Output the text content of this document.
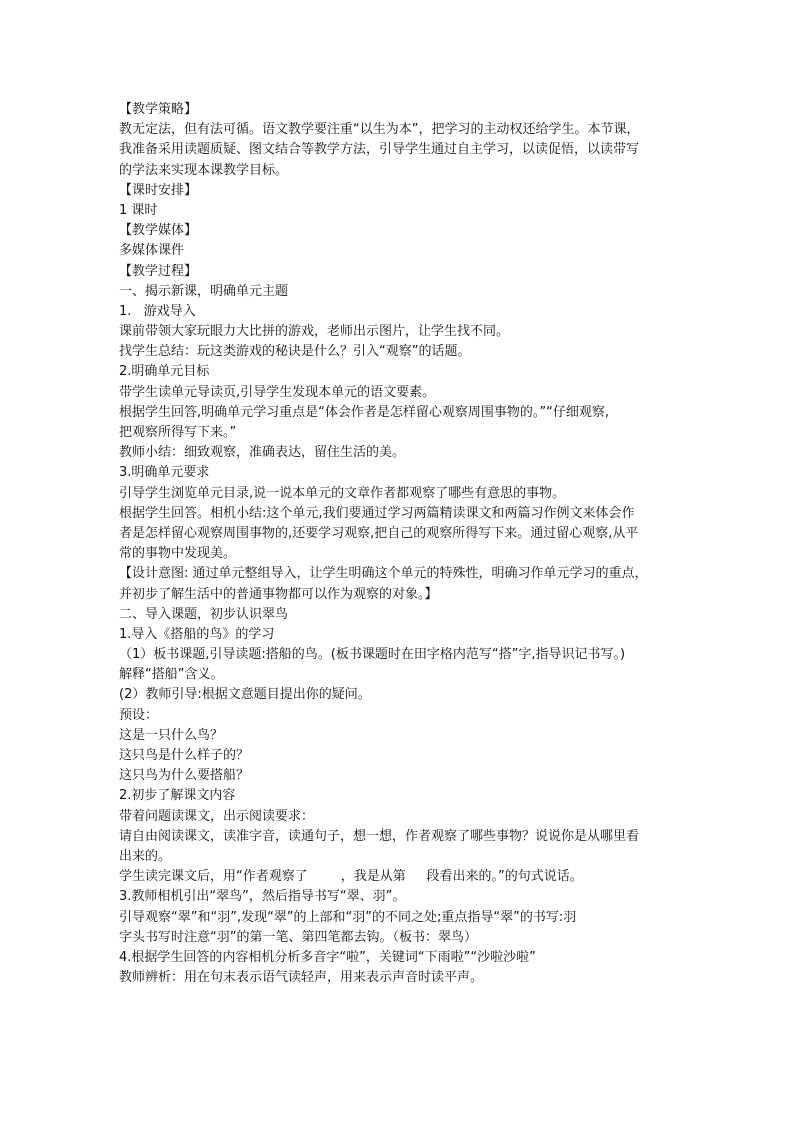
【教学策略】
教无定法，但有法可循。语文教学要注重“以生为本”，把学习的主动权还给学生。本节课，
我准备采用读题质疑、图文结合等教学方法，引导学生通过自主学习，以读促悟，以读带写
的学法来实现本课教学目标。
【课时安排】
1 课时
【教学媒体】
多媒体课件
【教学过程】
一、揭示新课，明确单元主题
1.   游戏导入
课前带领大家玩眼力大比拼的游戏，老师出示图片，让学生找不同。
找学生总结：玩这类游戏的秘诀是什么？引入“观察”的话题。
2.明确单元目标
带学生读单元导读页,引导学生发现本单元的语文要素。
根据学生回答,明确单元学习重点是“体会作者是怎样留心观察周围事物的。”“仔细观察,
把观察所得写下来。”
教师小结：细致观察，准确表达，留住生活的美。
3.明确单元要求
引导学生浏览单元目录,说一说本单元的文章作者都观察了哪些有意思的事物。
根据学生回答。相机小结:这个单元,我们要通过学习两篇精读课文和两篇习作例文来体会作
者是怎样留心观察周围事物的,还要学习观察,把自己的观察所得写下来。通过留心观察,从平
常的事物中发现美。
【设计意图: 通过单元整组导入，让学生明确这个单元的特殊性，明确习作单元学习的重点，
并初步了解生活中的普通事物都可以作为观察的对象。】
二、导入课题，初步认识翠鸟
1.导入《搭船的鸟》的学习
（1）板书课题,引导读题:搭船的鸟。(板书课题时在田字格内范写“搭”字,指导识记书写。)
解释“搭船”含义。
(2）教师引导:根据文意题目提出你的疑问。
预设：
这是一只什么鸟？
这只鸟是什么样子的？
这只鸟为什么要搭船？
2.初步了解课文内容
带着问题读课文，出示阅读要求：
请自由阅读课文，读准字音，读通句子，想一想，作者观察了哪些事物？说说你是从哪里看
出来的。
学生读完课文后，用“作者观察了        ，我是从第     段看出来的。”的句式说话。
3.教师相机引出“翠鸟”，然后指导书写“翠、羽”。
引导观察“翠”和“羽”,发现“翠”的上部和“羽”的不同之处;重点指导“翠”的书写:羽
字头书写时注意“羽”的第一笔、第四笔都去钩。（板书：翠鸟）
4.根据学生回答的内容相机分析多音字“啦”，关键词“下雨啦”“沙啦沙啦”
教师辨析：用在句末表示语气读轻声，用来表示声音时读平声。
